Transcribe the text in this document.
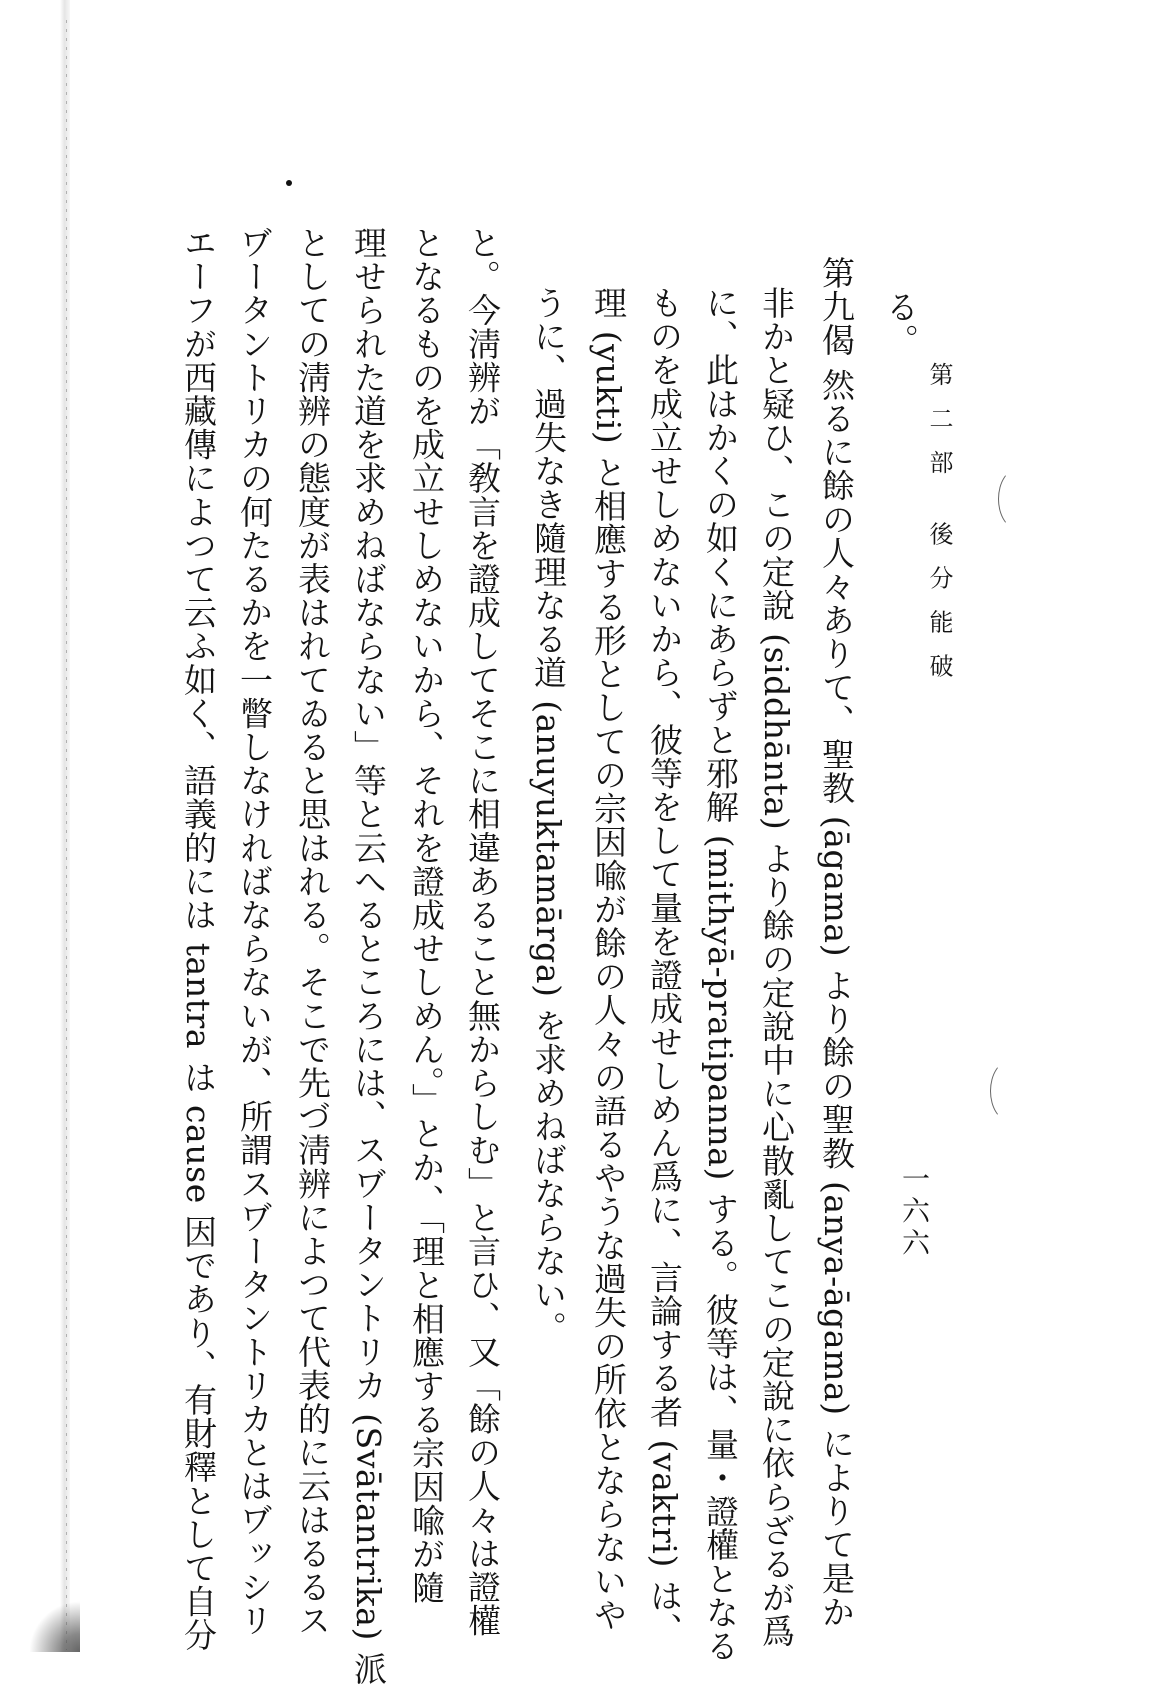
第二部 後分能破
一六六
る。
第九偈 然るに餘の人々ありて、聖教 (āgama) より餘の聖教 (anya-āgama) によりて是か
非かと疑ひ、この定說 (siddhānta) より餘の定說中に心散亂してこの定說に依らざるが爲
に、此はかくの如くにあらずと邪解 (mithyā-pratipanna) する。彼等は、量・證權となる
ものを成立せしめないから、彼等をして量を證成せしめん爲に、言論する者 (vaktri) は、
理 (yukti) と相應する形としての宗因喩が餘の人々の語るやうな過失の所依とならないや
うに、過失なき隨理なる道 (anuyuktamārga) を求めねばならない。
と。今淸辨が「敎言を證成してそこに相違あること無からしむ」と言ひ、又「餘の人々は證權
となるものを成立せしめないから、それを證成せしめん。」とか、「理と相應する宗因喩が隨
理せられた道を求めねばならない」等と云へるところには、スヷータントリカ (Svātantrika) 派
としての淸辨の態度が表はれてゐると思はれる。そこで先づ淸辨によつて代表的に云はるるス
ヷータントリカの何たるかを一瞥しなければならないが、所謂スヷータントリカとはヷッシリ
エーフが西藏傳によつて云ふ如く、語義的には tantra は cause 因であり、有財釋として自分
